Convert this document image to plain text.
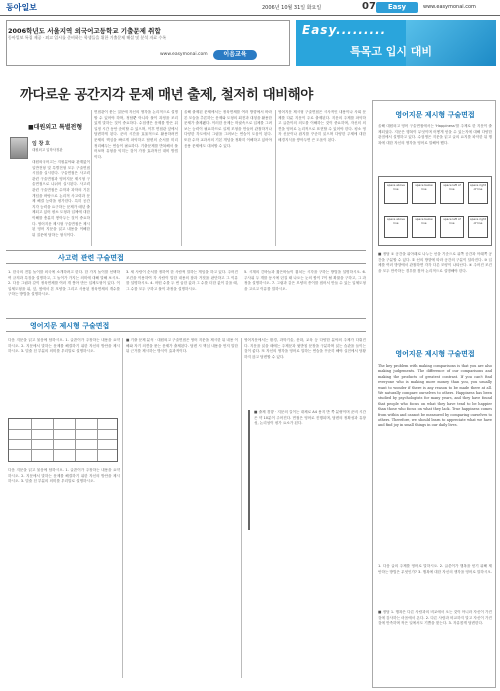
동아일보	2006년 10월 31일 화요일	07	Easy	www.easymonai.com
2006학년도 서울지역 외국어고등학교 기출문제 취합
동아일보 특집 제공 · 외고 입시를 준비하는 학생들을 위한 기출문제 해설 및 분석 자료 수록
www.easymonai.com	이음교육
Easy.........
특목고 입시 대비
까다로운 공간지각 문제 매년 출제, 철저히 대비해야
■대원외고 특별전형
임 창 호
대원외고 입학사정관
대원외국어고는 지원분야와 관계없이 일반전형 및 특별전형 모두 구술면접 시험을 실시한다. 구술면접은 사고력 관련 구술면접과 영어지문 제시형 구술면접으로 나뉘어 실시된다. 사고력 관련 구술면접은 수학과 과학의 기본 개념을 바탕으로 논리적 사고력과 문제 해결 능력을 평가한다. 특히 공간지각 능력을 요구하는 문제가 매년 출제되고 있어 평소 도형과 입체에 대한 이해를 충분히 쌓아두는 것이 중요하다. 영어지문 제시형 구술면접은 제시된 영어 지문을 읽고 내용을 이해한 뒤 질문에 답하는 형식이다.
면접관이 묻는 질문에 자신의 생각을 논리적으로 설명할 수 있어야 하며, 정답뿐 아니라 풀이 과정을 조리 있게 말하는 것이 중요하다. 수험생은 문제를 받은 뒤 일정 시간 동안 준비할 수 있으며, 이후 면접관 앞에서 답변하게 된다. 준비 시간을 효율적으로 활용하려면 문제의 핵심을 빠르게 파악하고 답변의 순서를 미리 정리해두는 연습이 필요하다. 기출문제를 반복해서 풀어보며 유형을 익히는 것이 가장 효과적인 대비 방법이다.
올해 출제된 문제에서는 정육면체를 여러 방향에서 바라본 모습을 추론하는 문제와 도형의 회전과 대칭을 활용한 문제가 출제됐다. 이러한 문제는 머릿속으로 입체를 그려보는 능력이 필요하므로 실제 모형을 만들어 관찰하거나 다양한 각도에서 그림을 그려보는 연습이 도움이 된다. 또한 수학 교과서의 기본 개념을 정확히 이해하고 있어야 응용 문제에도 대처할 수 있다.
영어지문 제시형 구술면접은 시사적인 내용이나 사회 문제를 다룬 지문이 주로 출제된다. 지문의 주제를 파악하고 글쓴이의 의도를 이해하는 것이 중요하며, 자신의 의견을 영어로 논리적으로 표현할 수 있어야 한다. 평소 영자 신문이나 잡지를 꾸준히 읽으며 다양한 주제에 대한 배경지식을 쌓아두면 큰 도움이 된다.
사고력 관련 구술면접
1. 한국의 전통 놀이를 외국에 소개하려고 한다. 한 가지 놀이를 선택하여 규칙과 특징을 설명하고, 그 놀이가 가지는 의미에 대해 말해 보시오. 2. 다음 그림과 같이 정육면체를 여러 개 쌓아 만든 입체도형이 있다. 이 입체도형을 위, 앞, 옆에서 본 모양을 그리고 사용된 정육면체의 개수를 구하는 방법을 설명하시오.
3. 세 사람이 순서를 정하여 한 사람씩 말하는 게임을 하고 있다. 주어진 조건을 이용하여 각 사람이 말한 내용의 참과 거짓을 판단하고 그 이유를 설명하시오. 4. 어떤 수를 두 번 곱한 값과 그 수를 더한 값이 같을 때, 그 수를 모두 구하고 풀이 과정을 설명하시오.
5. 시계의 긴바늘과 짧은바늘이 겹치는 시각을 구하는 방법을 설명하시오. 6. 주사위 두 개를 동시에 던질 때 나오는 눈의 합이 7이 될 확률을 구하고, 그 과정을 설명하시오. 7. 그림과 같은 모양의 종이를 접어서 만들 수 있는 입체도형을 고르고 이유를 말하시오.
영어지문 제시형 구술면접
다음 지문을 읽고 물음에 답하시오. 1. 글쓴이가 주장하는 내용을 요약하시오. 2. 지문에서 말하는 문제를 해결하기 위한 자신의 방안을 제시하시오. 3. 밑줄 친 부분의 의미를 우리말로 설명하시오.
다음 지문을 읽고 물음에 답하시오. 1. 글쓴이가 주장하는 내용을 요약하시오. 2. 지문에서 말하는 문제를 해결하기 위한 자신의 방안을 제시하시오. 3. 밑줄 친 부분의 의미를 우리말로 설명하시오.
■ 기출 문제 분석 · 대원외고 구술면접은 영어 지문을 제시한 뒤 내용 이해와 자기 의견을 묻는 문제가 출제된다. 답변 시 핵심 내용을 먼저 말한 뒤 근거를 제시하는 방식이 효과적이다.
영어지문에서는 환경, 과학기술, 문화, 교육 등 다양한 분야의 주제가 다뤄진다. 지문을 읽을 때에는 주제문과 뒷받침 문장을 구분하며 읽는 습관을 들이는 것이 좋다. 또 자신의 생각을 영어로 말하는 연습을 꾸준히 해야 실전에서 당황하지 않고 답변할 수 있다.
■ 출제 경향 · 지문의 길이는 대체로 A4 용지 반 쪽 분량이며 준비 시간은 약 10분이 주어진다. 면접은 영어로 진행되며, 답변의 정확성과 유창성, 논리성이 평가 요소가 된다.
영어지문 제시형 구술면접
올해 대원외고 영어 구술면접에서는 'Happiness'를 주제로 한 지문이 출제되었다. 지문은 행복이 무엇이며 어떻게 얻을 수 있는지에 대해 다양한 관점에서 설명하고 있다. 수험생은 지문을 읽고 글의 요지를 파악한 뒤 행복에 대한 자신의 생각을 영어로 말해야 했다.
space above line
space below line
space left of line
space right of line
space above line
space below line
space left of line
space right of line
■ 정답 ① 공간을 위아래로 나누는 선을 기준으로 위쪽 공간과 아래쪽 공간을 구분할 수 있다. ② 선의 방향에 따라 공간의 구분이 달라진다. ③ 입체를 여러 방향에서 관찰하면 각각 다른 모양이 나타난다. ④ 주어진 조건을 모두 만족하는 경우를 찾아 논리적으로 설명해야 한다.
영어지문 제시형 구술면접
The key problem with making comparisons is that you are also making judgements. The difference of our comparisons and making the products of greatest contrast. If you can't find everyone who is making more money than you, you usually want to wonder if there is any reason to be made there at all. We naturally compare ourselves to others. Happiness has been studied by psychologists for many years, and they have found that people who focus on what they have tend to be happier than those who focus on what they lack. True happiness comes from within and cannot be measured by comparing ourselves to others. Therefore, we should learn to appreciate what we have and find joy in small things in our daily lives.
1. 다음 글의 주제를 영어로 말하시오. 2. 글쓴이가 행복을 얻기 위해 제안하는 방법은 무엇인가? 3. 행복에 대한 자신의 생각을 영어로 말하시오.
■ 정답 1. 행복은 다른 사람과의 비교에서 오는 것이 아니라 자신이 가진 것에 감사하는 마음에서 온다. 2. 다른 사람과 비교하지 말고 자신이 가진 것에 만족하며 작은 일에서도 기쁨을 찾는다. 3. 자유롭게 답변한다.
